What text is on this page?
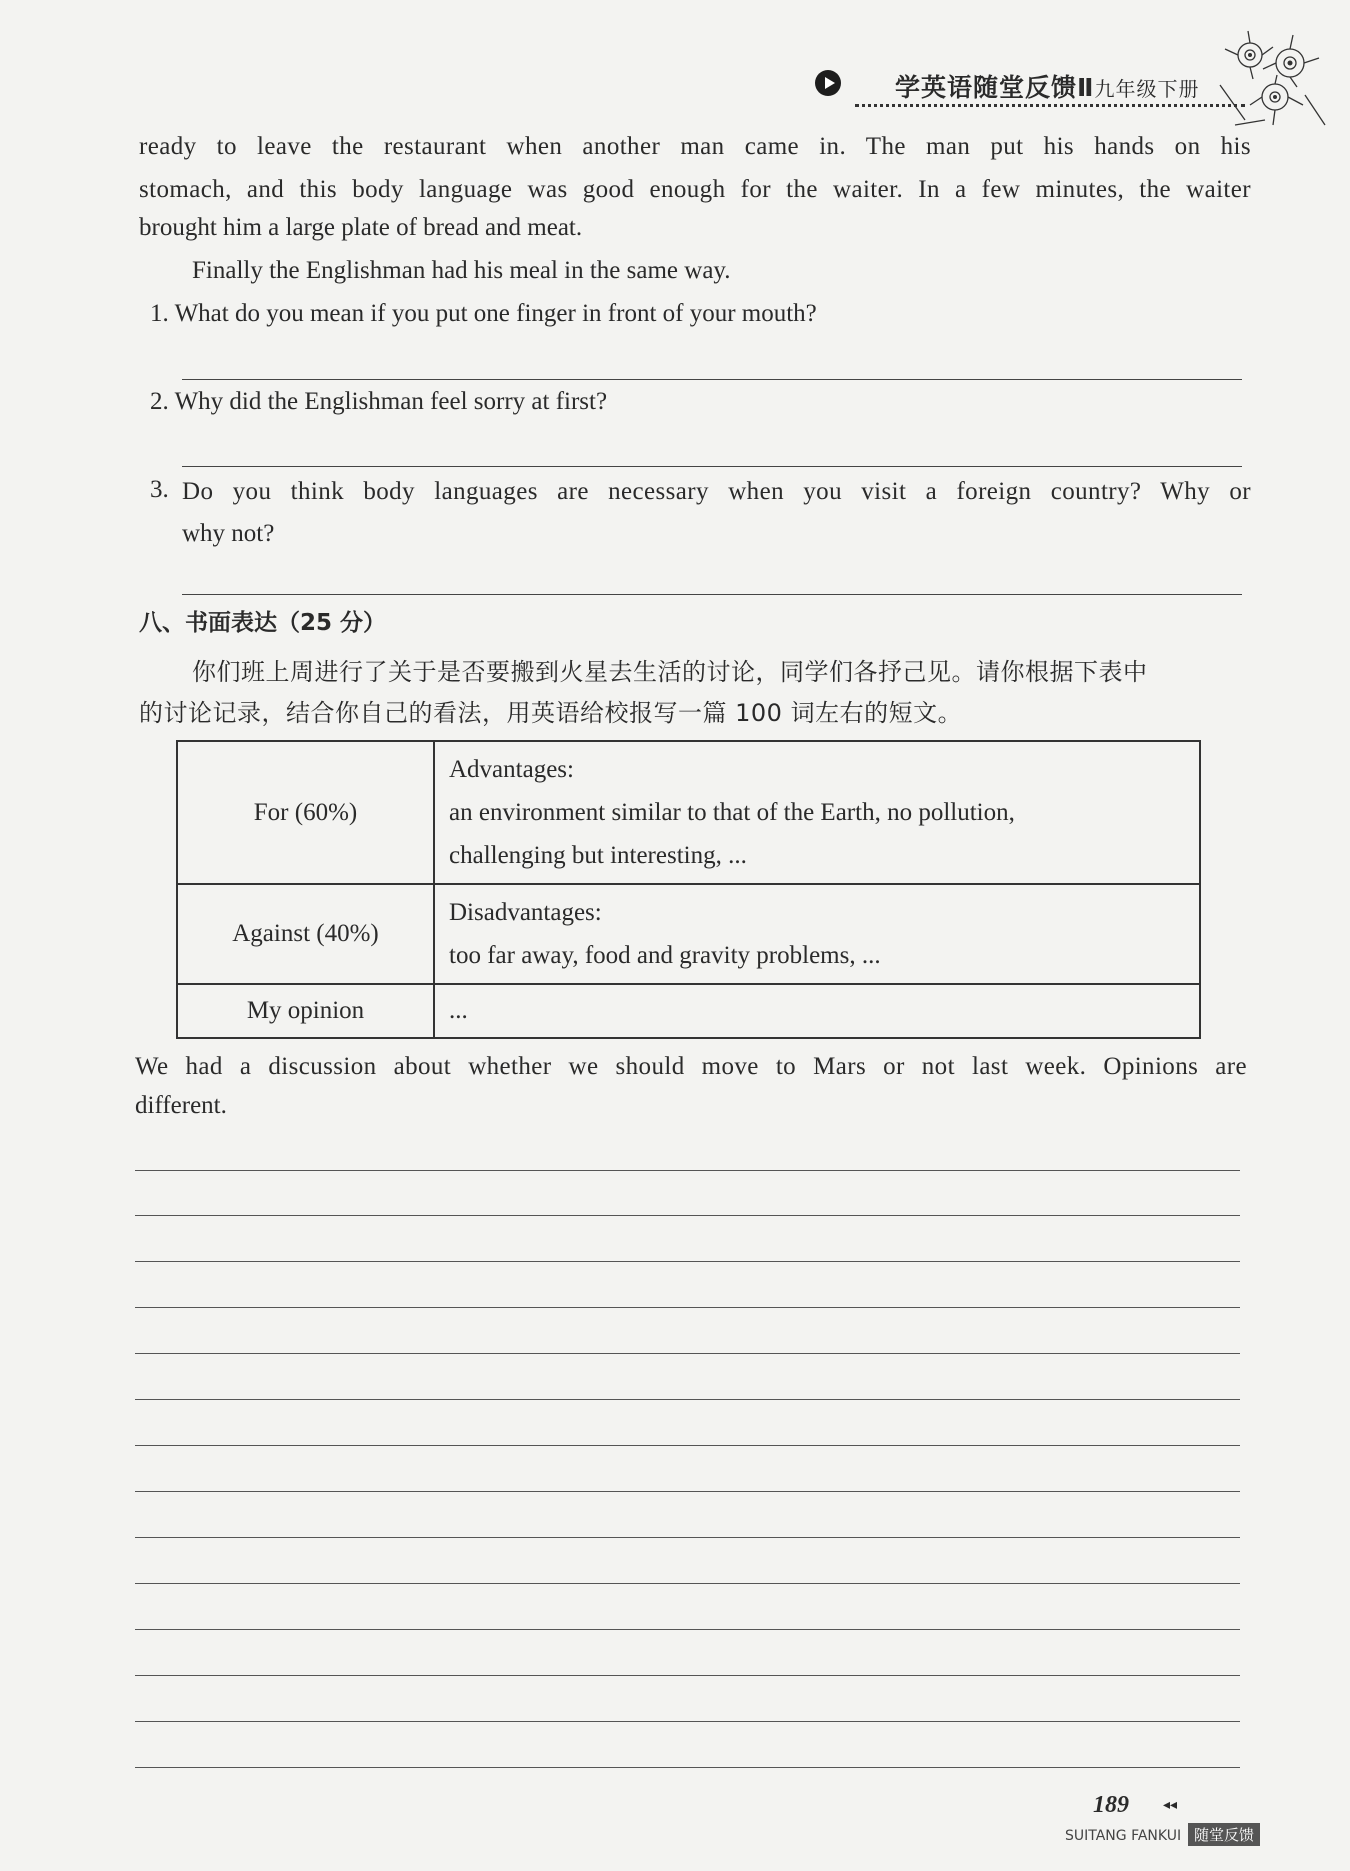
学英语随堂反馈Ⅱ九年级下册
ready to leave the restaurant when another man came in. The man put his hands on his
stomach, and this body language was good enough for the waiter. In a few minutes, the waiter
brought him a large plate of bread and meat.
Finally the Englishman had his meal in the same way.
1. What do you mean if you put one finger in front of your mouth?
2. Why did the Englishman feel sorry at first?
3. Do you think body languages are necessary when you visit a foreign country? Why or
why not?
八、书面表达（25 分）
你们班上周进行了关于是否要搬到火星去生活的讨论，同学们各抒己见。请你根据下表中
的讨论记录，结合你自己的看法，用英语给校报写一篇 100 词左右的短文。
For (60%)	Advantages:
an environment similar to that of the Earth, no pollution,
challenging but interesting, ...

Against (40%)	Disadvantages:
too far away, food and gravity problems, ...

My opinion	...
We had a discussion about whether we should move to Mars or not last week. Opinions are
different.
189 ◂◂
SUITANG FANKUI 随堂反馈
